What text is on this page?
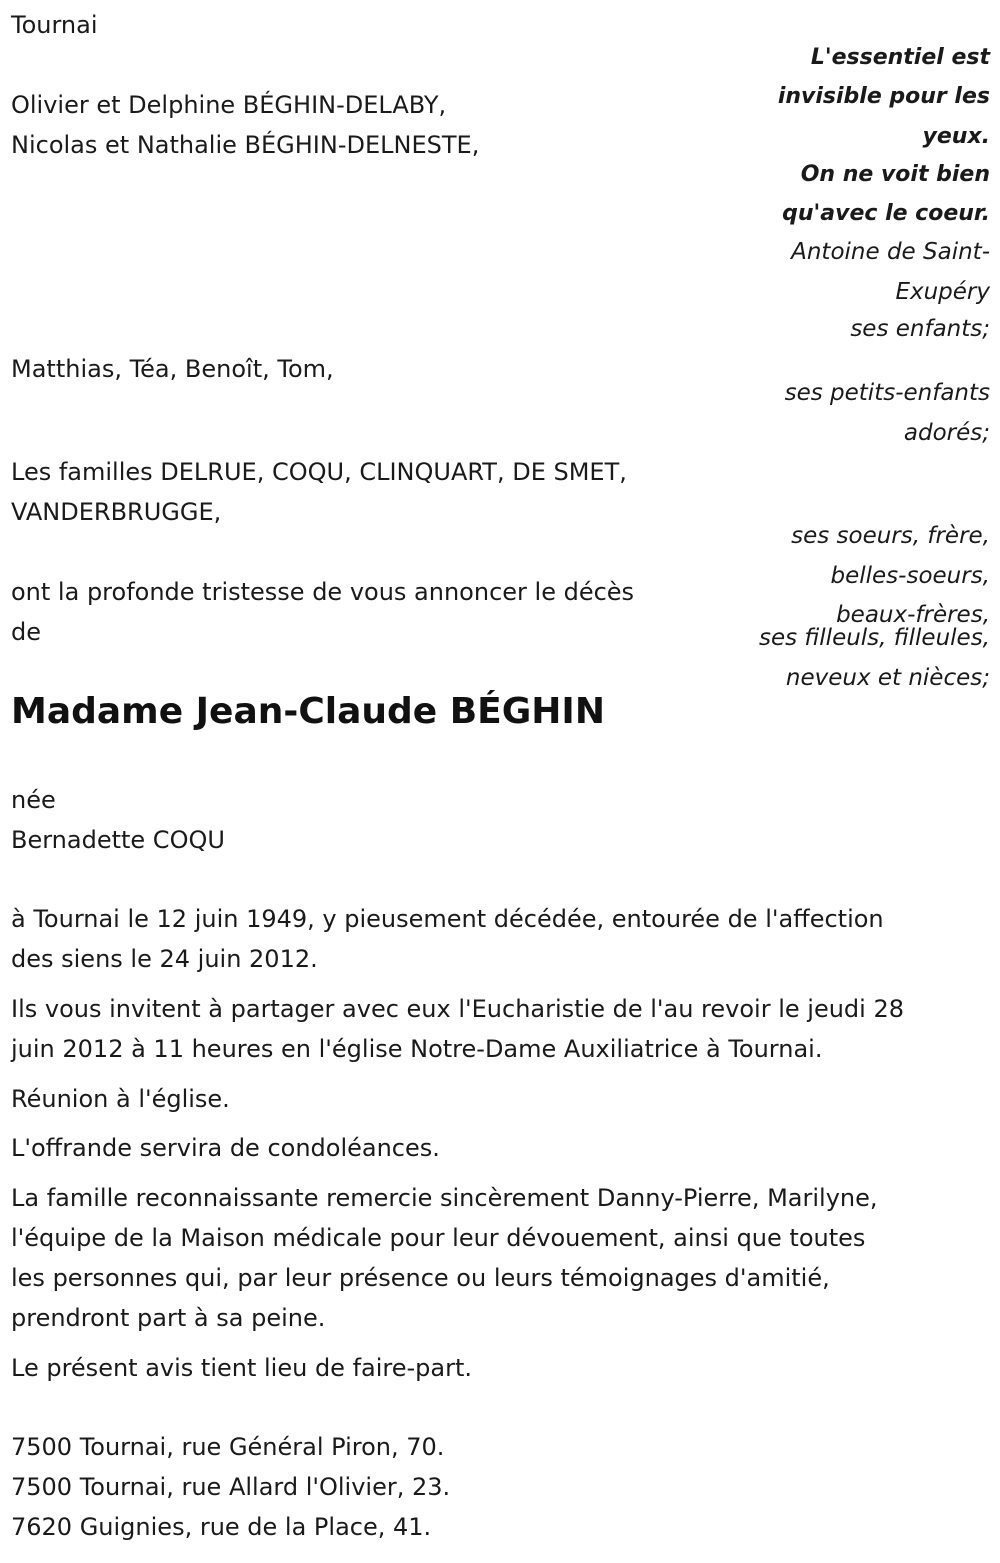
Tournai

L'essentiel est

invisible pour les

yeux.

On ne voit bien

qu'avec le coeur.

Antoine de Saint-

Exupéry

Olivier et Delphine BÉGHIN-DELABY,

Nicolas et Nathalie BÉGHIN-DELNESTE,

ses enfants;

Matthias, Téa, Benoît, Tom,

ses petits-enfants

adorés;

Les familles DELRUE, COQU, CLINQUART, DE SMET,

VANDERBRUGGE,

ses soeurs, frère,

belles-soeurs,

beaux-frères,

ses filleuls, filleules,

neveux et nièces;

ont la profonde tristesse de vous annoncer le décès

de

Madame Jean-Claude BÉGHIN

née

Bernadette COQU

à Tournai le 12 juin 1949, y pieusement décédée, entourée de l'affection

des siens le 24 juin 2012.

Ils vous invitent à partager avec eux l'Eucharistie de l'au revoir le jeudi 28

juin 2012 à 11 heures en l'église Notre-Dame Auxiliatrice à Tournai.

Réunion à l'église.

L'offrande servira de condoléances.

La famille reconnaissante remercie sincèrement Danny-Pierre, Marilyne,

l'équipe de la Maison médicale pour leur dévouement, ainsi que toutes

les personnes qui, par leur présence ou leurs témoignages d'amitié,

prendront part à sa peine.

Le présent avis tient lieu de faire-part.

7500 Tournai, rue Général Piron, 70.

7500 Tournai, rue Allard l'Olivier, 23.

7620 Guignies, rue de la Place, 41.
